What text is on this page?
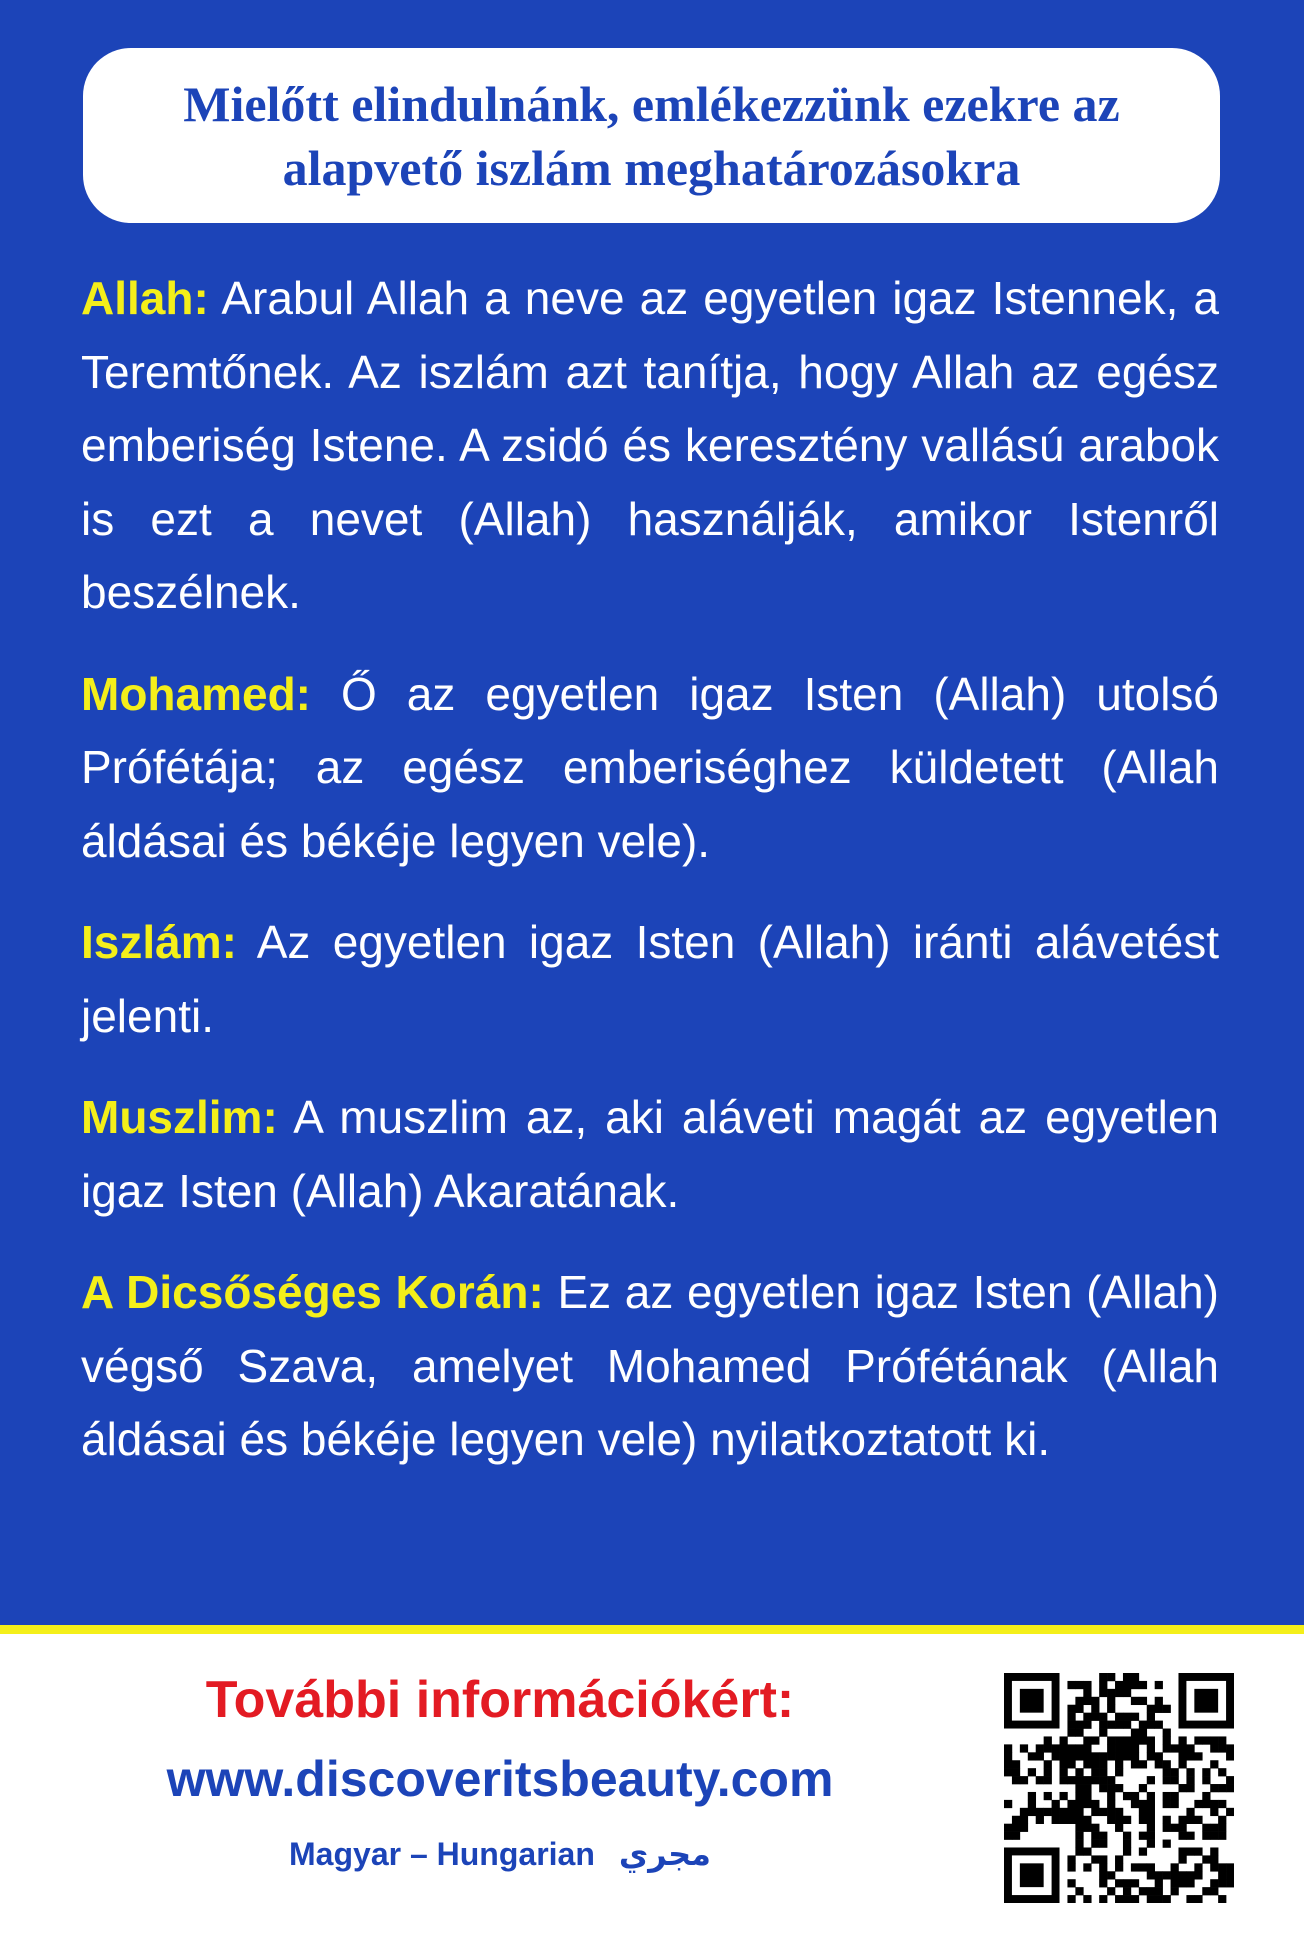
Mielőtt elindulnánk, emlékezzünk ezekre az alapvető iszlám meghatározásokra

Allah: Arabul Allah a neve az egyetlen igaz Istennek, a Teremtőnek. Az iszlám azt tanítja, hogy Allah az egész emberiség Istene. A zsidó és keresztény vallású arabok is ezt a nevet (Allah) használják, amikor Istenről beszélnek.

Mohamed: Ő az egyetlen igaz Isten (Allah) utolsó Prófétája; az egész emberiséghez küldetett (Allah áldásai és békéje legyen vele).

Iszlám: Az egyetlen igaz Isten (Allah) iránti alávetést jelenti.

Muszlim: A muszlim az, aki aláveti magát az egyetlen igaz Isten (Allah) Akaratának.

A Dicsőséges Korán: Ez az egyetlen igaz Isten (Allah) végső Szava, amelyet Mohamed Prófétának (Allah áldásai és békéje legyen vele) nyilatkoztatott ki.

További információkért:

www.discoveritsbeauty.com

Magyar – Hungarian مجري
